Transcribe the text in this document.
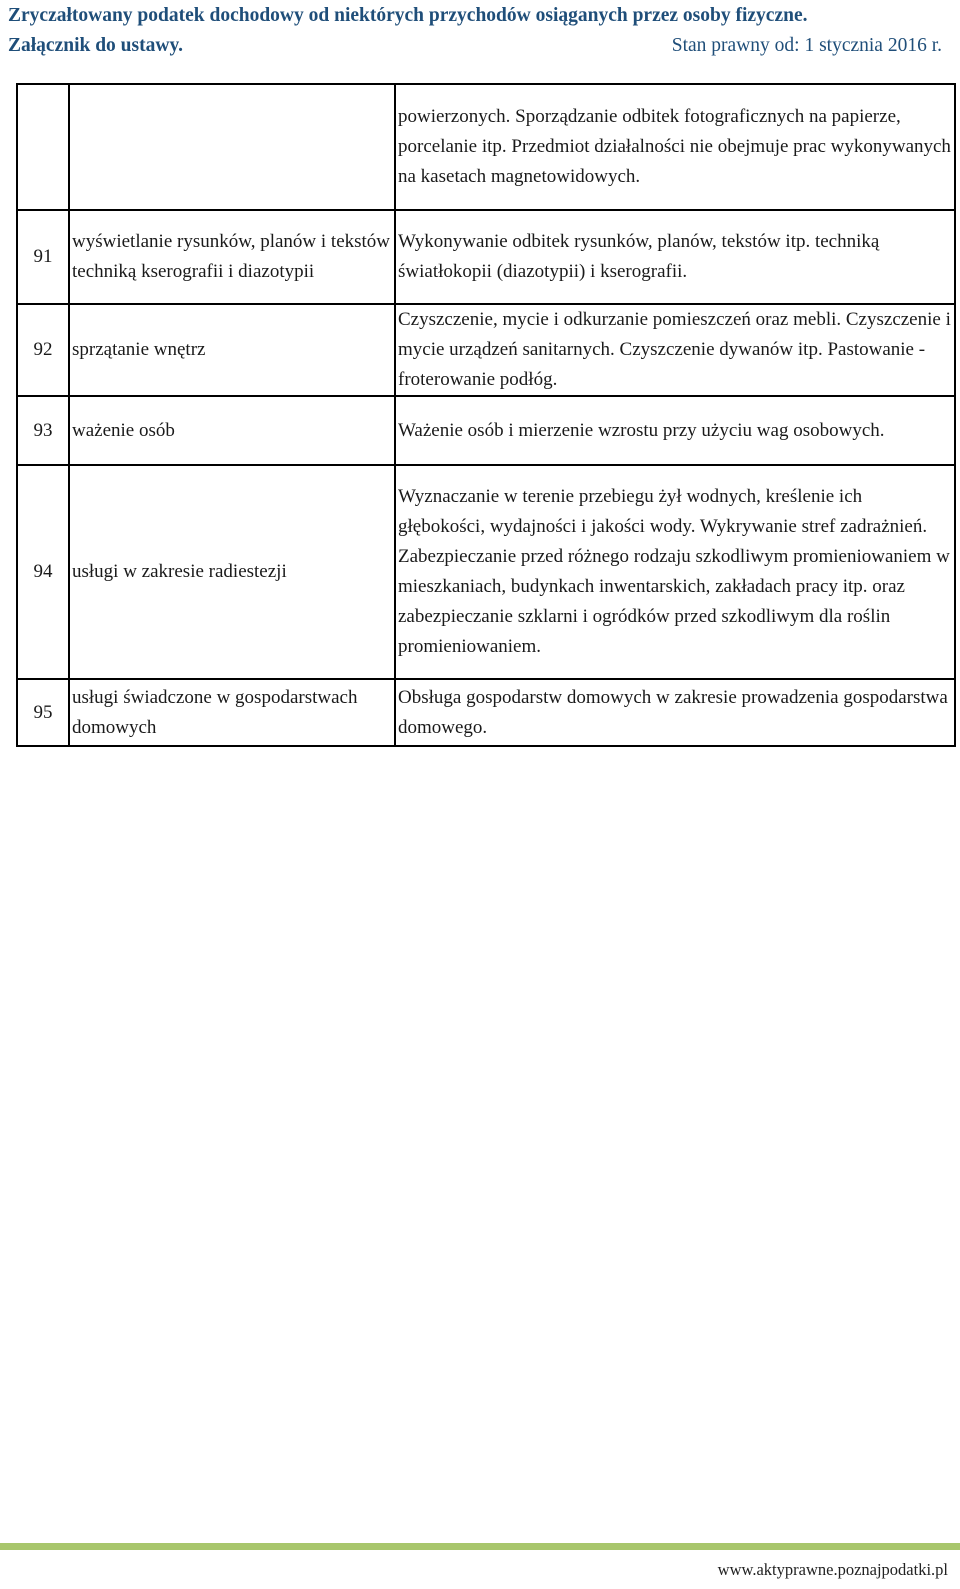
Zryczałtowany podatek dochodowy od niektórych przychodów osiąganych przez osoby fizyczne.
Załącznik do ustawy.	Stan prawny od: 1 stycznia 2016 r.
		powierzonych. Sporządzanie odbitek fotograficznych na papierze, porcelanie itp. Przedmiot działalności nie obejmuje prac wykonywanych na kasetach magnetowidowych.
91	wyświetlanie rysunków, planów i tekstów techniką kserografii i diazotypii	Wykonywanie odbitek rysunków, planów, tekstów itp. techniką światłokopii (diazotypii) i kserografii.
92	sprzątanie wnętrz	Czyszczenie, mycie i odkurzanie pomieszczeń oraz mebli. Czyszczenie i mycie urządzeń sanitarnych. Czyszczenie dywanów itp. Pastowanie - froterowanie podłóg.
93	ważenie osób	Ważenie osób i mierzenie wzrostu przy użyciu wag osobowych.
94	usługi w zakresie radiestezji	Wyznaczanie w terenie przebiegu żył wodnych, kreślenie ich głębokości, wydajności i jakości wody. Wykrywanie stref zadrażnień. Zabezpieczanie przed różnego rodzaju szkodliwym promieniowaniem w mieszkaniach, budynkach inwentarskich, zakładach pracy itp. oraz zabezpieczanie szklarni i ogródków przed szkodliwym dla roślin promieniowaniem.
95	usługi świadczone w gospodarstwach domowych	Obsługa gospodarstw domowych w zakresie prowadzenia gospodarstwa domowego.
www.aktyprawne.poznajpodatki.pl
